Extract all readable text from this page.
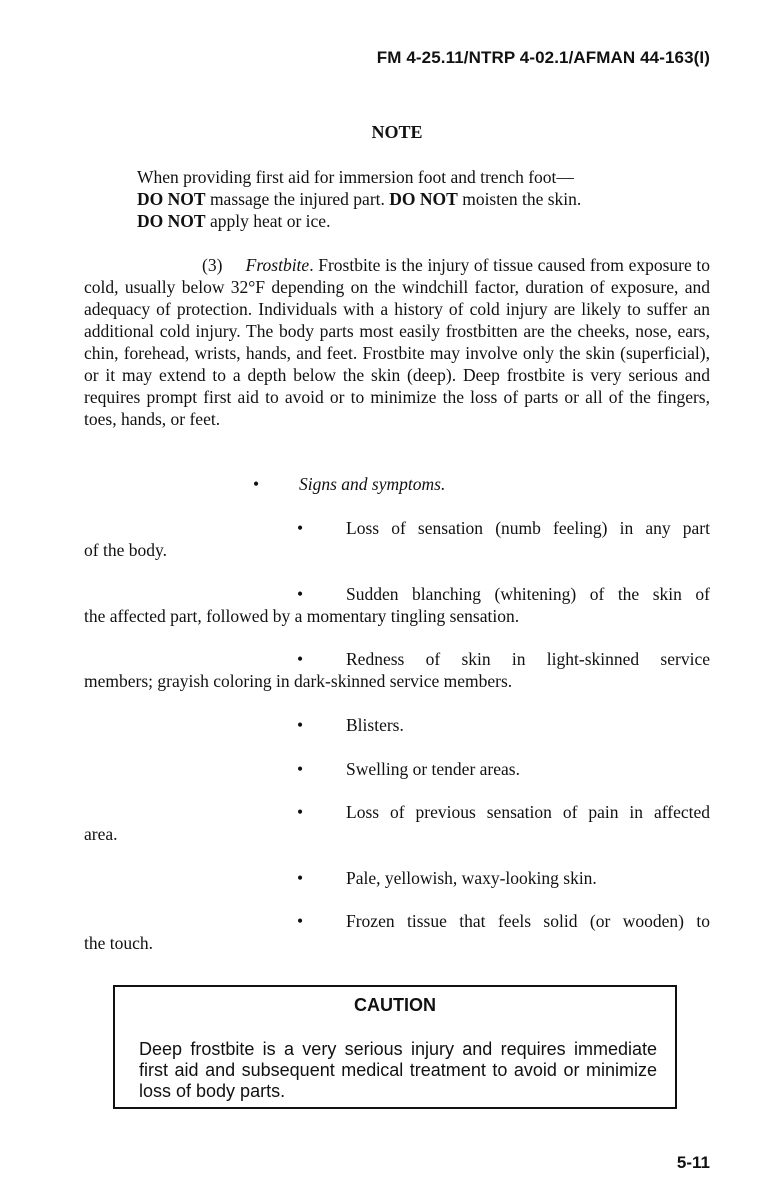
FM 4-25.11/NTRP 4-02.1/AFMAN 44-163(I)
NOTE
When providing first aid for immersion foot and trench foot—
DO NOT massage the injured part. DO NOT moisten the skin.
DO NOT apply heat or ice.
(3) Frostbite. Frostbite is the injury of tissue caused from exposure to cold, usually below 32°F depending on the windchill factor, duration of exposure, and adequacy of protection. Individuals with a history of cold injury are likely to suffer an additional cold injury. The body parts most easily frostbitten are the cheeks, nose, ears, chin, forehead, wrists, hands, and feet. Frostbite may involve only the skin (superficial), or it may extend to a depth below the skin (deep). Deep frostbite is very serious and requires prompt first aid to avoid or to minimize the loss of parts or all of the fingers, toes, hands, or feet.
• Signs and symptoms.
• Loss of sensation (numb feeling) in any part
of the body.
• Sudden blanching (whitening) of the skin of
the affected part, followed by a momentary tingling sensation.
• Redness of skin in light-skinned service
members; grayish coloring in dark-skinned service members.
• Blisters.
• Swelling or tender areas.
• Loss of previous sensation of pain in affected
area.
• Pale, yellowish, waxy-looking skin.
• Frozen tissue that feels solid (or wooden) to
the touch.
CAUTION
Deep frostbite is a very serious injury and requires immediate first aid and subsequent medical treatment to avoid or minimize loss of body parts.
5-11
